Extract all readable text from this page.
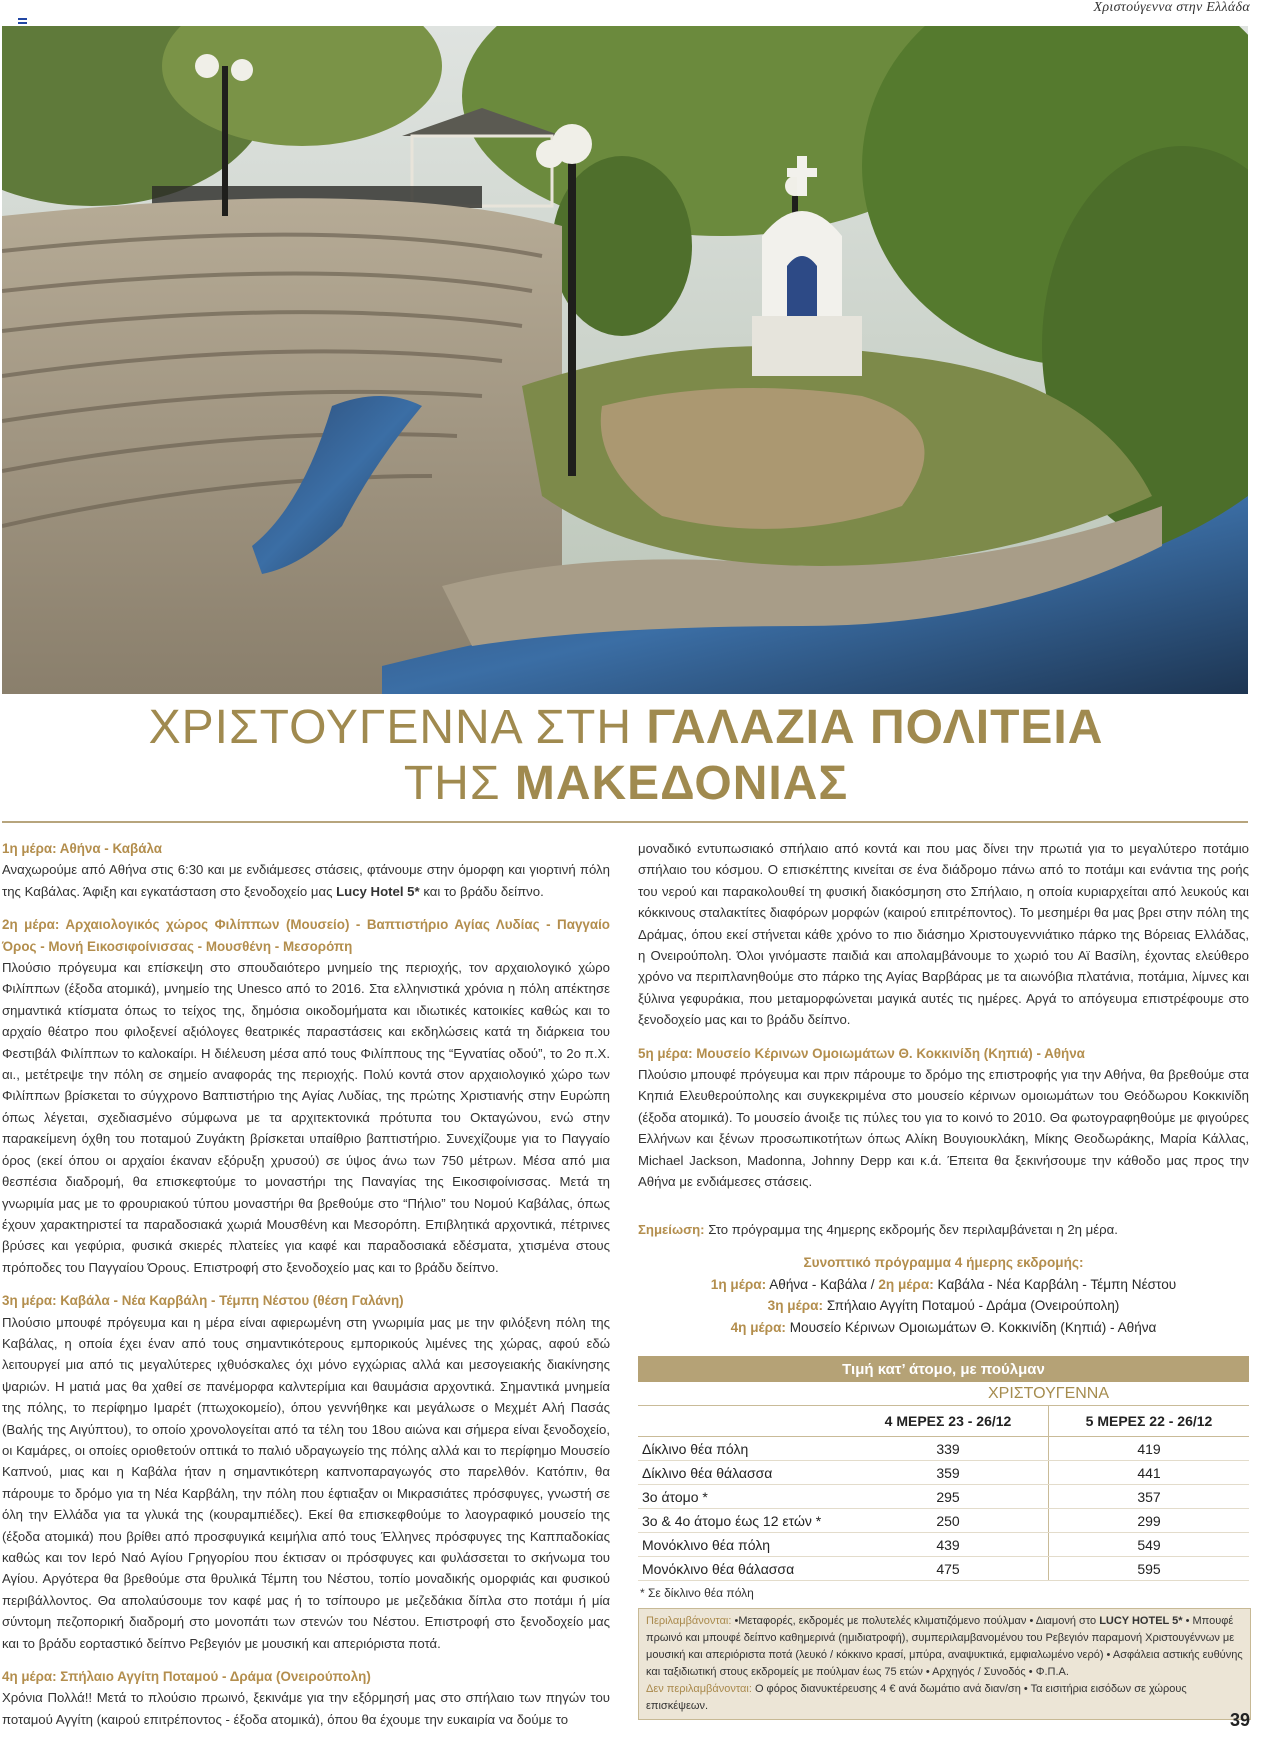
Χριστούγεννα στην Ελλάδα
ΧΡΙΣΤΟΥΓΕΝΝΑ ΣΤΗ ΓΑΛΑΖΙΑ ΠΟΛΙΤΕΙΑ
ΤΗΣ ΜΑΚΕΔΟΝΙΑΣ

1η μέρα: Αθήνα - Καβάλα

Αναχωρούμε από Αθήνα στις 6:30 και με ενδιάμεσες στάσεις, φτάνουμε στην όμορφη και γιορτινή πόλη της Καβάλας. Άφιξη και εγκατάσταση στο ξενοδοχείο μας Lucy Hotel 5* και το βράδυ δείπνο.

2η μέρα: Αρχαιολογικός χώρος Φιλίππων (Μουσείο) - Βαπτιστήριο Αγίας Λυδίας - Παγγαίο Όρος - Μονή Εικοσιφοίνισσας - Μουσθένη - Μεσορόπη

Πλούσιο πρόγευμα και επίσκεψη στο σπουδαιότερο μνημείο της περιοχής, τον αρχαιολογικό χώρο Φιλίππων (έξοδα ατομικά), μνημείο της Unesco από το 2016. Στα ελληνιστικά χρόνια η πόλη απέκτησε σημαντικά κτίσματα όπως το τείχος της, δημόσια οικοδομήματα και ιδιωτικές κατοικίες καθώς και το αρχαίο θέατρο που φιλοξενεί αξιόλογες θεατρικές παραστάσεις και εκδηλώσεις κατά τη διάρκεια του Φεστιβάλ Φιλίππων το καλοκαίρι. Η διέλευση μέσα από τους Φιλίππους της “Εγνατίας οδού”, το 2ο π.Χ. αι., μετέτρεψε την πόλη σε σημείο αναφοράς της περιοχής. Πολύ κοντά στον αρχαιολογικό χώρο των Φιλίππων βρίσκεται το σύγχρονο Βαπτιστήριο της Αγίας Λυδίας, της πρώτης Χριστιανής στην Ευρώπη όπως λέγεται, σχεδιασμένο σύμφωνα με τα αρχιτεκτονικά πρότυπα του Οκταγώνου, ενώ στην παρακείμενη όχθη του ποταμού Ζυγάκτη βρίσκεται υπαίθριο βαπτιστήριο. Συνεχίζουμε για το Παγγαίο όρος (εκεί όπου οι αρχαίοι έκαναν εξόρυξη χρυσού) σε ύψος άνω των 750 μέτρων. Μέσα από μια θεσπέσια διαδρομή, θα επισκεφτούμε το μοναστήρι της Παναγίας της Εικοσιφοίνισσας. Μετά τη γνωριμία μας με το φρουριακού τύπου μοναστήρι θα βρεθούμε στο “Πήλιο” του Νομού Καβάλας, όπως έχουν χαρακτηριστεί τα παραδοσιακά χωριά Μουσθένη και Μεσορόπη. Επιβλητικά αρχοντικά, πέτρινες βρύσες και γεφύρια, φυσικά σκιερές πλατείες για καφέ και παραδοσιακά εδέσματα, χτισμένα στους πρόποδες του Παγγαίου Όρους. Επιστροφή στο ξενοδοχείο μας και το βράδυ δείπνο.

3η μέρα: Καβάλα - Νέα Καρβάλη - Τέμπη Νέστου (θέση Γαλάνη)

Πλούσιο μπουφέ πρόγευμα και η μέρα είναι αφιερωμένη στη γνωριμία μας με την φιλόξενη πόλη της Καβάλας, η οποία έχει έναν από τους σημαντικότερους εμπορικούς λιμένες της χώρας, αφού εδώ λειτουργεί μια από τις μεγαλύτερες ιχθυόσκαλες όχι μόνο εγχώριας αλλά και μεσογειακής διακίνησης ψαριών. Η ματιά μας θα χαθεί σε πανέμορφα καλντερίμια και θαυμάσια αρχοντικά. Σημαντικά μνημεία της πόλης, το περίφημο Ιμαρέτ (πτωχοκομείο), όπου γεννήθηκε και μεγάλωσε ο Μεχμέτ Αλή Πασάς (Βαλής της Αιγύπτου), το οποίο χρονολογείται από τα τέλη του 18ου αιώνα και σήμερα είναι ξενοδοχείο, οι Καμάρες, οι οποίες οριοθετούν οπτικά το παλιό υδραγωγείο της πόλης αλλά και το περίφημο Μουσείο Καπνού, μιας και η Καβάλα ήταν η σημαντικότερη καπνοπαραγωγός στο παρελθόν. Κατόπιν, θα πάρουμε το δρόμο για τη Νέα Καρβάλη, την πόλη που έφτιαξαν οι Μικρασιάτες πρόσφυγες, γνωστή σε όλη την Ελλάδα για τα γλυκά της (κουραμπιέδες). Εκεί θα επισκεφθούμε το λαογραφικό μουσείο της (έξοδα ατομικά) που βρίθει από προσφυγικά κειμήλια από τους Έλληνες πρόσφυγες της Καππαδοκίας καθώς και τον Ιερό Ναό Αγίου Γρηγορίου που έκτισαν οι πρόσφυγες και φυλάσσεται το σκήνωμα του Αγίου. Αργότερα θα βρεθούμε στα θρυλικά Τέμπη του Νέστου, τοπίο μοναδικής ομορφιάς και φυσικού περιβάλλοντος. Θα απολαύσουμε τον καφέ μας ή το τσίπουρο με μεζεδάκια δίπλα στο ποτάμι ή μία σύντομη πεζοπορική διαδρομή στο μονοπάτι των στενών του Νέστου. Επιστροφή στο ξενοδοχείο μας και το βράδυ εορταστικό δείπνο Ρεβεγιόν με μουσική και απεριόριστα ποτά.

4η μέρα: Σπήλαιο Αγγίτη Ποταμού - Δράμα (Ονειρούπολη)

Χρόνια Πολλά!! Μετά το πλούσιο πρωινό, ξεκινάμε για την εξόρμησή μας στο σπήλαιο των πηγών του ποταμού Αγγίτη (καιρού επιτρέποντος - έξοδα ατομικά), όπου θα έχουμε την ευκαιρία να δούμε το

μοναδικό εντυπωσιακό σπήλαιο από κοντά και που μας δίνει την πρωτιά για το μεγαλύτερο ποτάμιο σπήλαιο του κόσμου. Ο επισκέπτης κινείται σε ένα διάδρομο πάνω από το ποτάμι και ενάντια της ροής του νερού και παρακολουθεί τη φυσική διακόσμηση στο Σπήλαιο, η οποία κυριαρχείται από λευκούς και κόκκινους σταλακτίτες διαφόρων μορφών (καιρού επιτρέποντος). Το μεσημέρι θα μας βρει στην πόλη της Δράμας, όπου εκεί στήνεται κάθε χρόνο το πιο διάσημο Χριστουγεννιάτικο πάρκο της Βόρειας Ελλάδας, η Ονειρούπολη. Όλοι γινόμαστε παιδιά και απολαμβάνουμε το χωριό του Αϊ Βασίλη, έχοντας ελεύθερο χρόνο να περιπλανηθούμε στο πάρκο της Αγίας Βαρβάρας με τα αιωνόβια πλατάνια, ποτάμια, λίμνες και ξύλινα γεφυράκια, που μεταμορφώνεται μαγικά αυτές τις ημέρες. Αργά το απόγευμα επιστρέφουμε στο ξενοδοχείο μας και το βράδυ δείπνο.

5η μέρα: Μουσείο Κέρινων Ομοιωμάτων Θ. Κοκκινίδη (Κηπιά) - Αθήνα

Πλούσιο μπουφέ πρόγευμα και πριν πάρουμε το δρόμο της επιστροφής για την Αθήνα, θα βρεθούμε στα Κηπιά Ελευθερούπολης και συγκεκριμένα στο μουσείο κέρινων ομοιωμάτων του Θεόδωρου Κοκκινίδη (έξοδα ατομικά). Το μουσείο άνοιξε τις πύλες του για το κοινό το 2010. Θα φωτογραφηθούμε με φιγούρες Ελλήνων και ξένων προσωπικοτήτων όπως Αλίκη Βουγιουκλάκη, Μίκης Θεοδωράκης, Μαρία Κάλλας, Michael Jackson, Madonna, Johnny Depp και κ.ά. Έπειτα θα ξεκινήσουμε την κάθοδο μας προς την Αθήνα με ενδιάμεσες στάσεις.

Σημείωση: Στο πρόγραμμα της 4ημερης εκδρομής δεν περιλαμβάνεται η 2η μέρα.

Συνοπτικό πρόγραμμα 4 ήμερης εκδρομής:
1η μέρα: Αθήνα - Καβάλα / 2η μέρα: Καβάλα - Νέα Καρβάλη - Τέμπη Νέστου
3η μέρα: Σπήλαιο Αγγίτη Ποταμού - Δράμα (Ονειρούπολη)
4η μέρα: Μουσείο Κέρινων Ομοιωμάτων Θ. Κοκκινίδη (Κηπιά) - Αθήνα
Τιμή κατ’ άτομο, με πούλμαν		
	ΧΡΙΣΤΟΥΓΕΝΝΑ	
	4 ΜΕΡΕΣ 23 - 26/12	5 ΜΕΡΕΣ 22 - 26/12
Δίκλινο θέα πόλη	339	419
Δίκλινο θέα θάλασσα	359	441
3ο άτομο *	295	357
3ο & 4ο άτομο έως 12 ετών *	250	299
Μονόκλινο θέα πόλη	439	549
Μονόκλινο θέα θάλασσα	475	595
* Σε δίκλινο θέα πόλη
Περιλαμβάνονται: •Μεταφορές, εκδρομές με πολυτελές κλιματιζόμενο πούλμαν • Διαμονή στο LUCY HOTEL 5* • Μπουφέ πρωινό και μπουφέ δείπνο καθημερινά (ημιδιατροφή), συμπεριλαμβανομένου του Ρεβεγιόν παραμονή Χριστουγέννων με μουσική και απεριόριστα ποτά (λευκό / κόκκινο κρασί, μπύρα, αναψυκτικά, εμφιαλωμένο νερό) • Ασφάλεια αστικής ευθύνης και ταξιδιωτική στους εκδρομείς με πούλμαν έως 75 ετών • Αρχηγός / Συνοδός • Φ.Π.Α.
Δεν περιλαμβάνονται: Ο φόρος διανυκτέρευσης 4 € ανά δωμάτιο ανά διαν/ση • Τα εισιτήρια εισόδων σε χώρους επισκέψεων.
39
